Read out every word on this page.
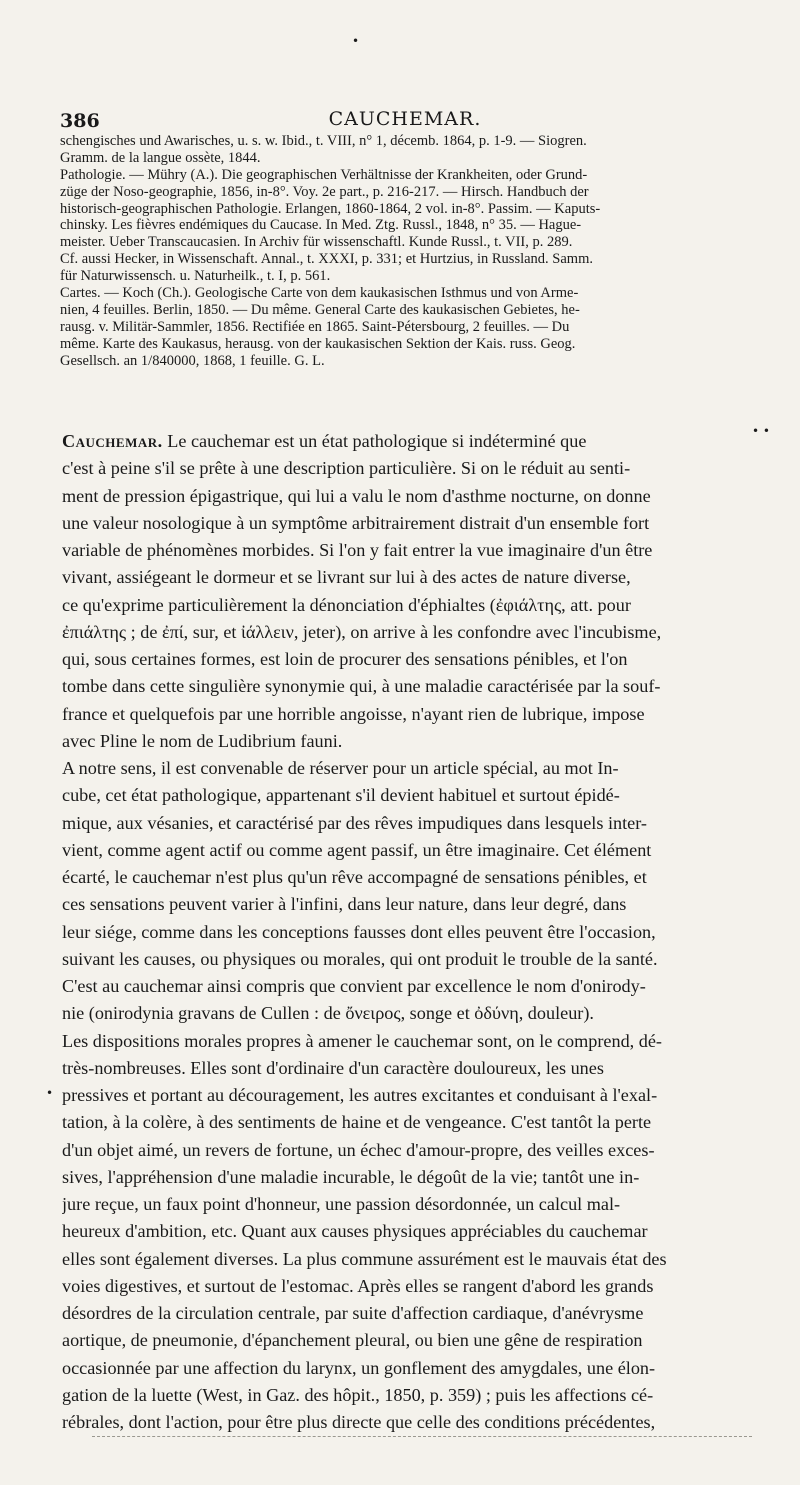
•
386	CAUCHEMAR.
schengisches und Awarisches, u. s. w. Ibid., t. VIII, n° 1, décemb. 1864, p. 1-9. — Siogren.
Gramm. de la langue ossète, 1844.
Pathologie. — Mühry (A.). Die geographischen Verhältnisse der Krankheiten, oder Grund-
züge der Noso-geographie, 1856, in-8°. Voy. 2e part., p. 216-217. — Hirsch. Handbuch der
historisch-geographischen Pathologie. Erlangen, 1860-1864, 2 vol. in-8°. Passim. — Kaputs-
chinsky. Les fièvres endémiques du Caucase. In Med. Ztg. Russl., 1848, n° 35. — Hague-
meister. Ueber Transcaucasien. In Archiv für wissenschaftl. Kunde Russl., t. VII, p. 289.
Cf. aussi Hecker, in Wissenschaft. Annal., t. XXXI, p. 331; et Hurtzius, in Russland. Samm.
für Naturwissensch. u. Naturheilk., t. I, p. 561.
Cartes. — Koch (Ch.). Geologische Carte von dem kaukasischen Isthmus und von Arme-
nien, 4 feuilles. Berlin, 1850. — Du même. General Carte des kaukasischen Gebietes, he-
rausg. v. Militär-Sammler, 1856. Rectifiée en 1865. Saint-Pétersbourg, 2 feuilles. — Du
même. Karte des Kaukasus, herausg. von der kaukasischen Sektion der Kais. russ. Geog.
Gesellsch. an 1/840000, 1868, 1 feuille. G. L.
• •
Cauchemar. Le cauchemar est un état pathologique si indéterminé que
c'est à peine s'il se prête à une description particulière. Si on le réduit au senti-
ment de pression épigastrique, qui lui a valu le nom d'asthme nocturne, on donne
une valeur nosologique à un symptôme arbitrairement distrait d'un ensemble fort
variable de phénomènes morbides. Si l'on y fait entrer la vue imaginaire d'un être
vivant, assiégeant le dormeur et se livrant sur lui à des actes de nature diverse,
ce qu'exprime particulièrement la dénonciation d'éphialtes (ἐφιάλτης, att. pour
ἐπιάλτης ; de ἐπί, sur, et ἰάλλειν, jeter), on arrive à les confondre avec l'incubisme,
qui, sous certaines formes, est loin de procurer des sensations pénibles, et l'on
tombe dans cette singulière synonymie qui, à une maladie caractérisée par la souf-
france et quelquefois par une horrible angoisse, n'ayant rien de lubrique, impose
avec Pline le nom de Ludibrium fauni.
A notre sens, il est convenable de réserver pour un article spécial, au mot In-
cube, cet état pathologique, appartenant s'il devient habituel et surtout épidé-
mique, aux vésanies, et caractérisé par des rêves impudiques dans lesquels inter-
vient, comme agent actif ou comme agent passif, un être imaginaire. Cet élément
écarté, le cauchemar n'est plus qu'un rêve accompagné de sensations pénibles, et
ces sensations peuvent varier à l'infini, dans leur nature, dans leur degré, dans
leur siége, comme dans les conceptions fausses dont elles peuvent être l'occasion,
suivant les causes, ou physiques ou morales, qui ont produit le trouble de la santé.
C'est au cauchemar ainsi compris que convient par excellence le nom d'onirody-
nie (onirodynia gravans de Cullen : de ὄνειρος, songe et ὀδύνη, douleur).
Les dispositions morales propres à amener le cauchemar sont, on le comprend, dé-
très-nombreuses. Elles sont d'ordinaire d'un caractère douloureux, les unes
pressives et portant au découragement, les autres excitantes et conduisant à l'exal-
tation, à la colère, à des sentiments de haine et de vengeance. C'est tantôt la perte
d'un objet aimé, un revers de fortune, un échec d'amour-propre, des veilles exces-
sives, l'appréhension d'une maladie incurable, le dégoût de la vie; tantôt une in-
jure reçue, un faux point d'honneur, une passion désordonnée, un calcul mal-
heureux d'ambition, etc. Quant aux causes physiques appréciables du cauchemar
elles sont également diverses. La plus commune assurément est le mauvais état des
voies digestives, et surtout de l'estomac. Après elles se rangent d'abord les grands
désordres de la circulation centrale, par suite d'affection cardiaque, d'anévrysme
aortique, de pneumonie, d'épanchement pleural, ou bien une gêne de respiration
occasionnée par une affection du larynx, un gonflement des amygdales, une élon-
gation de la luette (West, in Gaz. des hôpit., 1850, p. 359) ; puis les affections cé-
rébrales, dont l'action, pour être plus directe que celle des conditions précédentes,
•
